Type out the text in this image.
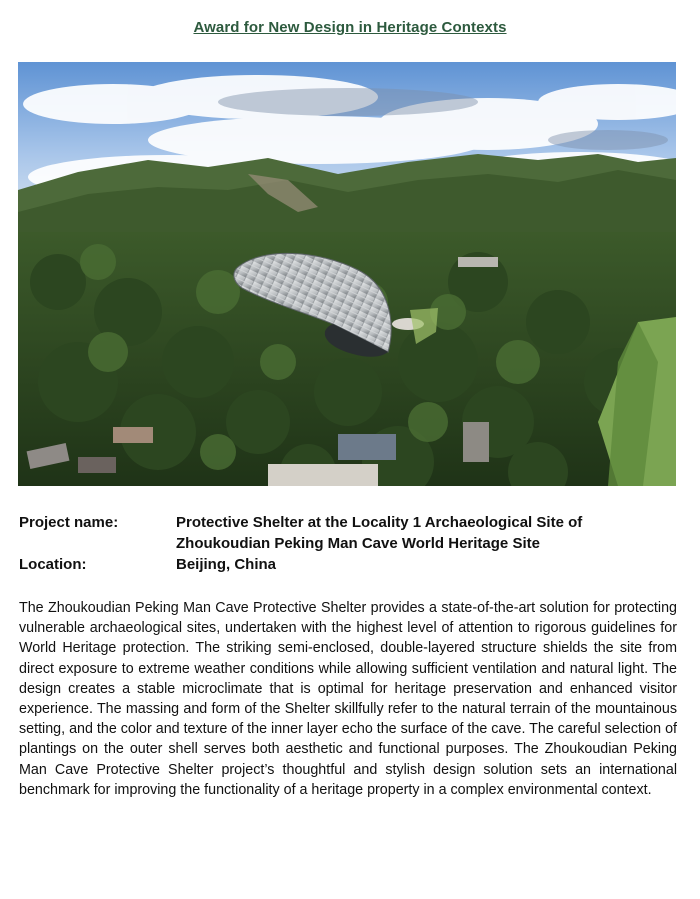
Award for New Design in Heritage Contexts
Project name:	Protective Shelter at the Locality 1 Archaeological Site of Zhoukoudian Peking Man Cave World Heritage Site
Location:	Beijing, China
The Zhoukoudian Peking Man Cave Protective Shelter provides a state-of-the-art solution for protecting vulnerable archaeological sites, undertaken with the highest level of attention to rigorous guidelines for World Heritage protection. The striking semi-enclosed, double-layered structure shields the site from direct exposure to extreme weather conditions while allowing sufficient ventilation and natural light. The design creates a stable microclimate that is optimal for heritage preservation and enhanced visitor experience. The massing and form of the Shelter skillfully refer to the natural terrain of the mountainous setting, and the color and texture of the inner layer echo the surface of the cave. The careful selection of plantings on the outer shell serves both aesthetic and functional purposes. The Zhoukoudian Peking Man Cave Protective Shelter project’s thoughtful and stylish design solution sets an international benchmark for improving the functionality of a heritage property in a complex environmental context.
